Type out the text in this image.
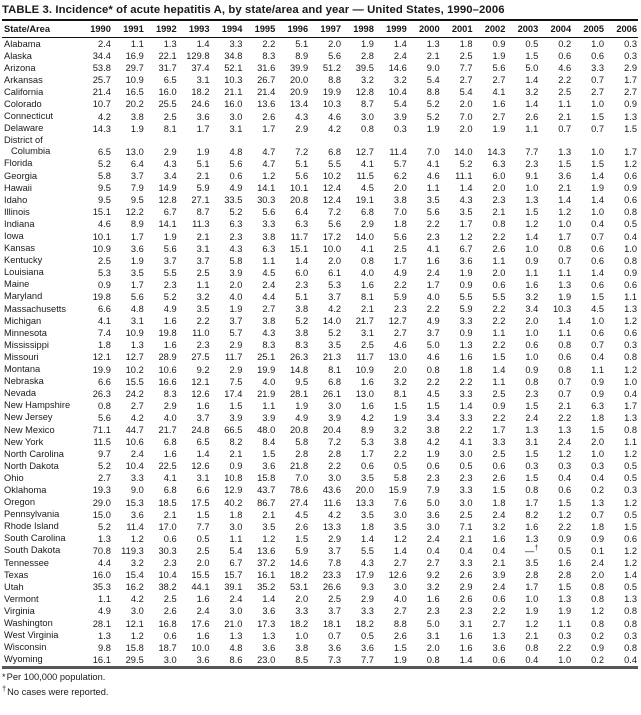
TABLE 3. Incidence* of acute hepatitis A, by state/area and year — United States, 1990–2006
State/Area	1990	1991	1992	1993	1994	1995	1996	1997	1998	1999	2000	2001	2002	2003	2004	2005	2006
Alabama	2.4	1.1	1.3	1.4	3.3	2.2	5.1	2.0	1.9	1.4	1.3	1.8	0.9	0.5	0.2	1.0	0.3
Alaska	34.4	16.9	22.1	129.8	34.8	8.3	8.9	5.6	2.8	2.4	2.1	2.5	1.9	1.5	0.6	0.6	0.3
Arizona	53.8	29.7	31.7	37.4	52.1	31.6	39.9	51.2	39.5	14.6	9.0	7.7	5.6	5.0	4.6	3.3	2.9
Arkansas	25.7	10.9	6.5	3.1	10.3	26.7	20.0	8.8	3.2	3.2	5.4	2.7	2.7	1.4	2.2	0.7	1.7
California	21.4	16.5	16.0	18.2	21.1	21.4	20.9	19.9	12.8	10.4	8.8	5.4	4.1	3.2	2.5	2.7	2.7
Colorado	10.7	20.2	25.5	24.6	16.0	13.6	13.4	10.3	8.7	5.4	5.2	2.0	1.6	1.4	1.1	1.0	0.9
Connecticut	4.2	3.8	2.5	3.6	3.0	2.6	4.3	4.6	3.0	3.9	5.2	7.0	2.7	2.6	2.1	1.5	1.3
Delaware	14.3	1.9	8.1	1.7	3.1	1.7	2.9	4.2	0.8	0.3	1.9	2.0	1.9	1.1	0.7	0.7	1.5
District of Columbia	6.5	13.0	2.9	1.9	4.8	4.7	7.2	6.8	12.7	11.4	7.0	14.0	14.3	7.7	1.3	1.0	1.7
Florida	5.2	6.4	4.3	5.1	5.6	4.7	5.1	5.5	4.1	5.7	4.1	5.2	6.3	2.3	1.5	1.5	1.2
Georgia	5.8	3.7	3.4	2.1	0.6	1.2	5.6	10.2	11.5	6.2	4.6	11.1	6.0	9.1	3.6	1.4	0.6
Hawaii	9.5	7.9	14.9	5.9	4.9	14.1	10.1	12.4	4.5	2.0	1.1	1.4	2.0	1.0	2.1	1.9	0.9
Idaho	9.5	9.5	12.8	27.1	33.5	30.3	20.8	12.4	19.1	3.8	3.5	4.3	2.3	1.3	1.4	1.4	0.6
Illinois	15.1	12.2	6.7	8.7	5.2	5.6	6.4	7.2	6.8	7.0	5.6	3.5	2.1	1.5	1.2	1.0	0.8
Indiana	4.6	8.9	14.1	11.3	6.3	3.3	6.3	5.6	2.9	1.8	2.2	1.7	0.8	1.2	1.0	0.4	0.5
Iowa	10.1	1.7	1.9	2.1	2.3	3.8	11.7	17.2	14.0	5.6	2.3	1.2	2.2	1.4	1.7	0.7	0.4
Kansas	10.9	3.6	5.6	3.1	4.3	6.3	15.1	10.0	4.1	2.5	4.1	6.7	2.6	1.0	0.8	0.6	1.0
Kentucky	2.5	1.9	3.7	3.7	5.8	1.1	1.4	2.0	0.8	1.7	1.6	3.6	1.1	0.9	0.7	0.6	0.8
Louisiana	5.3	3.5	5.5	2.5	3.9	4.5	6.0	6.1	4.0	4.9	2.4	1.9	2.0	1.1	1.1	1.4	0.9
Maine	0.9	1.7	2.3	1.1	2.0	2.4	2.3	5.3	1.6	2.2	1.7	0.9	0.6	1.6	1.3	0.6	0.6
Maryland	19.8	5.6	5.2	3.2	4.0	4.4	5.1	3.7	8.1	5.9	4.0	5.5	5.5	3.2	1.9	1.5	1.1
Massachusetts	6.6	4.8	4.9	3.5	1.9	2.7	3.8	4.2	2.1	2.3	2.2	5.9	2.2	3.4	10.3	4.5	1.3
Michigan	4.1	3.1	1.6	2.2	3.7	3.8	5.2	14.0	21.7	12.7	4.9	3.3	2.2	2.0	1.4	1.0	1.2
Minnesota	7.4	10.9	19.8	11.0	5.7	4.3	3.8	5.2	3.1	2.7	3.7	0.9	1.1	1.0	1.1	0.6	0.6
Mississippi	1.8	1.3	1.6	2.3	2.9	8.3	8.3	3.5	2.5	4.6	5.0	1.3	2.2	0.6	0.8	0.7	0.3
Missouri	12.1	12.7	28.9	27.5	11.7	25.1	26.3	21.3	11.7	13.0	4.6	1.6	1.5	1.0	0.6	0.4	0.8
Montana	19.9	10.2	10.6	9.2	2.9	19.9	14.8	8.1	10.9	2.0	0.8	1.8	1.4	0.9	0.8	1.1	1.2
Nebraska	6.6	15.5	16.6	12.1	7.5	4.0	9.5	6.8	1.6	3.2	2.2	2.2	1.1	0.8	0.7	0.9	1.0
Nevada	26.3	24.2	8.3	12.6	17.4	21.9	28.1	26.1	13.0	8.1	4.5	3.3	2.5	2.3	0.7	0.9	0.4
New Hampshire	0.8	2.7	2.9	1.6	1.5	1.1	1.9	3.0	1.6	1.5	1.5	1.4	0.9	1.5	2.1	6.3	1.7
New Jersey	5.6	4.2	4.0	3.7	3.9	3.9	4.9	3.9	4.2	1.9	3.4	3.3	2.2	2.4	2.2	1.8	1.3
New Mexico	71.1	44.7	21.7	24.8	66.5	48.0	20.8	20.4	8.9	3.2	3.8	2.2	1.7	1.3	1.3	1.5	0.8
New York	11.5	10.6	6.8	6.5	8.2	8.4	5.8	7.2	5.3	3.8	4.2	4.1	3.3	3.1	2.4	2.0	1.1
North Carolina	9.7	2.4	1.6	1.4	2.1	1.5	2.8	2.8	1.7	2.2	1.9	3.0	2.5	1.5	1.2	1.0	1.2
North Dakota	5.2	10.4	22.5	12.6	0.9	3.6	21.8	2.2	0.6	0.5	0.6	0.5	0.6	0.3	0.3	0.3	0.5
Ohio	2.7	3.3	4.1	3.1	10.8	15.8	7.0	3.0	3.5	5.8	2.3	2.3	2.6	1.5	0.4	0.4	0.5
Oklahoma	19.3	9.0	6.8	6.6	12.9	43.7	78.6	43.6	20.0	15.9	7.9	3.3	1.5	0.8	0.6	0.2	0.3
Oregon	29.0	15.3	18.5	17.5	40.2	86.7	27.4	11.6	13.3	7.6	5.0	3.0	1.8	1.7	1.5	1.3	1.2
Pennsylvania	15.0	3.6	2.1	1.5	1.8	2.1	4.5	4.2	3.5	3.0	3.6	2.5	2.4	8.2	1.2	0.7	0.5
Rhode Island	5.2	11.4	17.0	7.7	3.0	3.5	2.6	13.3	1.8	3.5	3.0	7.1	3.2	1.6	2.2	1.8	1.5
South Carolina	1.3	1.2	0.6	0.5	1.1	1.2	1.5	2.9	1.4	1.2	2.4	2.1	1.6	1.3	0.9	0.9	0.6
South Dakota	70.8	119.3	30.3	2.5	5.4	13.6	5.9	3.7	5.5	1.4	0.4	0.4	0.4	—†	0.5	0.1	1.2
Tennessee	4.4	3.2	2.3	2.0	6.7	37.2	14.6	7.8	4.3	2.7	2.7	3.3	2.1	3.5	1.6	2.4	1.2
Texas	16.0	15.4	10.4	15.5	15.7	16.1	18.2	23.3	17.9	12.6	9.2	2.6	3.9	2.8	2.8	2.0	1.4
Utah	35.3	16.2	38.2	44.1	39.1	35.2	53.1	26.6	9.3	3.0	3.2	2.9	2.4	1.7	1.5	0.8	0.5
Vermont	1.1	4.2	2.5	1.6	2.4	1.4	2.0	2.5	2.9	4.0	1.6	2.6	0.6	1.0	1.3	0.8	1.3
Virginia	4.9	3.0	2.6	2.4	3.0	3.6	3.3	3.7	3.3	2.7	2.3	2.3	2.2	1.9	1.9	1.2	0.8
Washington	28.1	12.1	16.8	17.6	21.0	17.3	18.2	18.1	18.2	8.8	5.0	3.1	2.7	1.2	1.1	0.8	0.8
West Virginia	1.3	1.2	0.6	1.6	1.3	1.3	1.0	0.7	0.5	2.6	3.1	1.6	1.3	2.1	0.3	0.2	0.3
Wisconsin	9.8	15.8	18.7	10.0	4.8	3.6	3.8	3.6	3.6	1.5	2.0	1.6	3.6	0.8	2.2	0.9	0.8
Wyoming	16.1	29.5	3.0	3.6	8.6	23.0	8.5	7.3	7.7	1.9	0.8	1.4	0.6	0.4	1.0	0.2	0.4
*Per 100,000 population.
†No cases were reported.
